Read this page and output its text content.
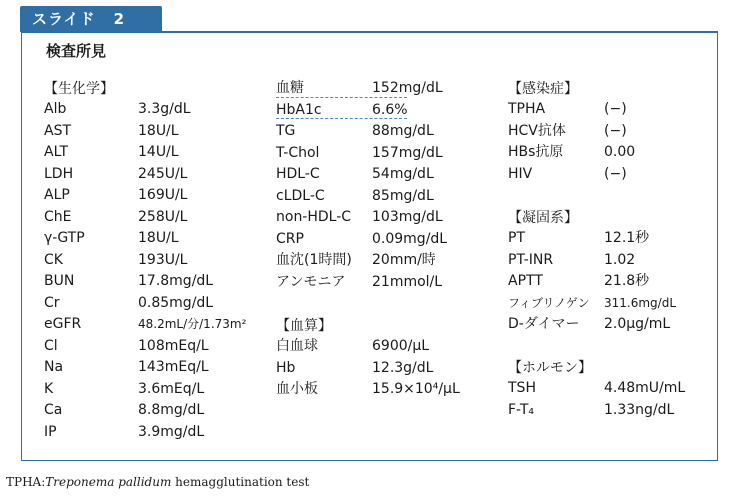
スライド 2
検査所見
【生化学】
Alb	3.3g/dL
AST	18U/L
ALT	14U/L
LDH	245U/L
ALP	169U/L
ChE	258U/L
γ-GTP	18U/L
CK	193U/L
BUN	17.8mg/dL
Cr	0.85mg/dL
eGFR	48.2mL/分/1.73m²
Cl	108mEq/L
Na	143mEq/L
K	3.6mEq/L
Ca	8.8mg/dL
IP	3.9mg/dL
血糖	152mg/dL
HbA1c	6.6%
TG	88mg/dL
T-Chol	157mg/dL
HDL-C	54mg/dL
cLDL-C	85mg/dL
non-HDL-C 103mg/dL
CRP	0.09mg/dL
血沈(1時間) 20mm/時
アンモニア 21mmol/L
【血算】
白血球	6900/μL
Hb	12.3g/dL
血小板	15.9×10⁴/μL
【感染症】
TPHA	(−)
HCV抗体	(−)
HBs抗原	0.00
HIV	(−)
【凝固系】
PT	12.1秒
PT-INR	1.02
APTT	21.8秒
フィブリノゲン 311.6mg/dL
D-ダイマー 2.0μg/mL
【ホルモン】
TSH	4.48mU/mL
F-T₄	1.33ng/dL
TPHA:Treponema pallidum hemagglutination test
